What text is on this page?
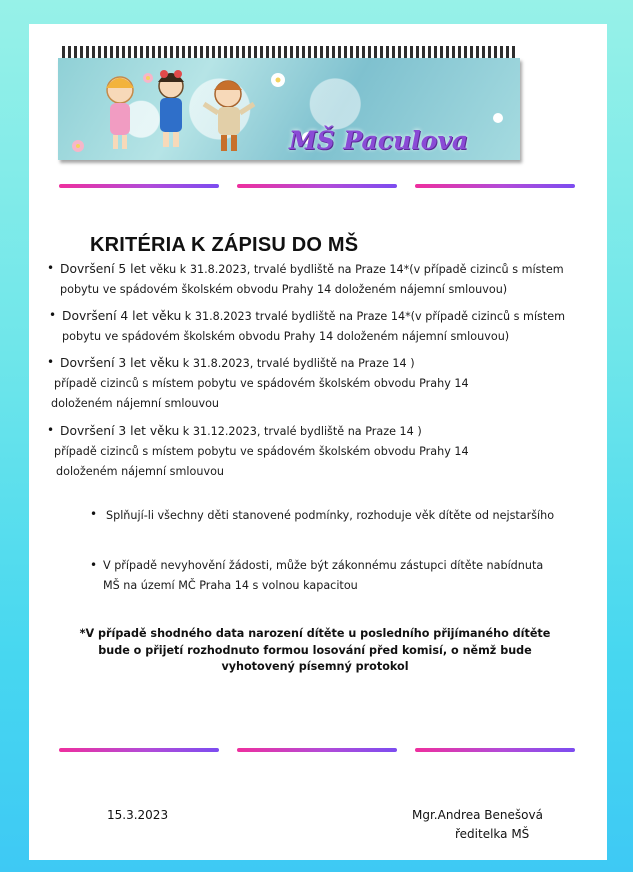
MŠ Paculova
KRITÉRIA K ZÁPISU DO MŠ
• Dovršení 5 let věku k 31.8.2023, trvalé bydliště na Praze 14*(v případě cizinců s místem
pobytu ve spádovém školském obvodu Prahy 14 doloženém nájemní smlouvou)
• Dovršení 4 let věku k 31.8.2023 trvalé bydliště na Praze 14*(v případě cizinců s místem
pobytu ve spádovém školském obvodu Prahy 14 doloženém nájemní smlouvou)
• Dovršení 3 let věku k 31.8.2023, trvalé bydliště na Praze 14 )
případě cizinců s místem pobytu ve spádovém školském obvodu Prahy 14
doloženém nájemní smlouvou
• Dovršení 3 let věku k 31.12.2023, trvalé bydliště na Praze 14 )
případě cizinců s místem pobytu ve spádovém školském obvodu Prahy 14
doloženém nájemní smlouvou
• Splňují-li všechny děti stanovené podmínky, rozhoduje věk dítěte od nejstaršího
• V případě nevyhovění žádosti, může být zákonnému zástupci dítěte nabídnuta
MŠ na území MČ Praha 14 s volnou kapacitou
*V případě shodného data narození dítěte u posledního přijímaného dítěte
bude o přijetí rozhodnuto formou losování před komisí, o němž bude
vyhotovený písemný protokol
15.3.2023	Mgr.Andrea Benešová
ředitelka MŠ
